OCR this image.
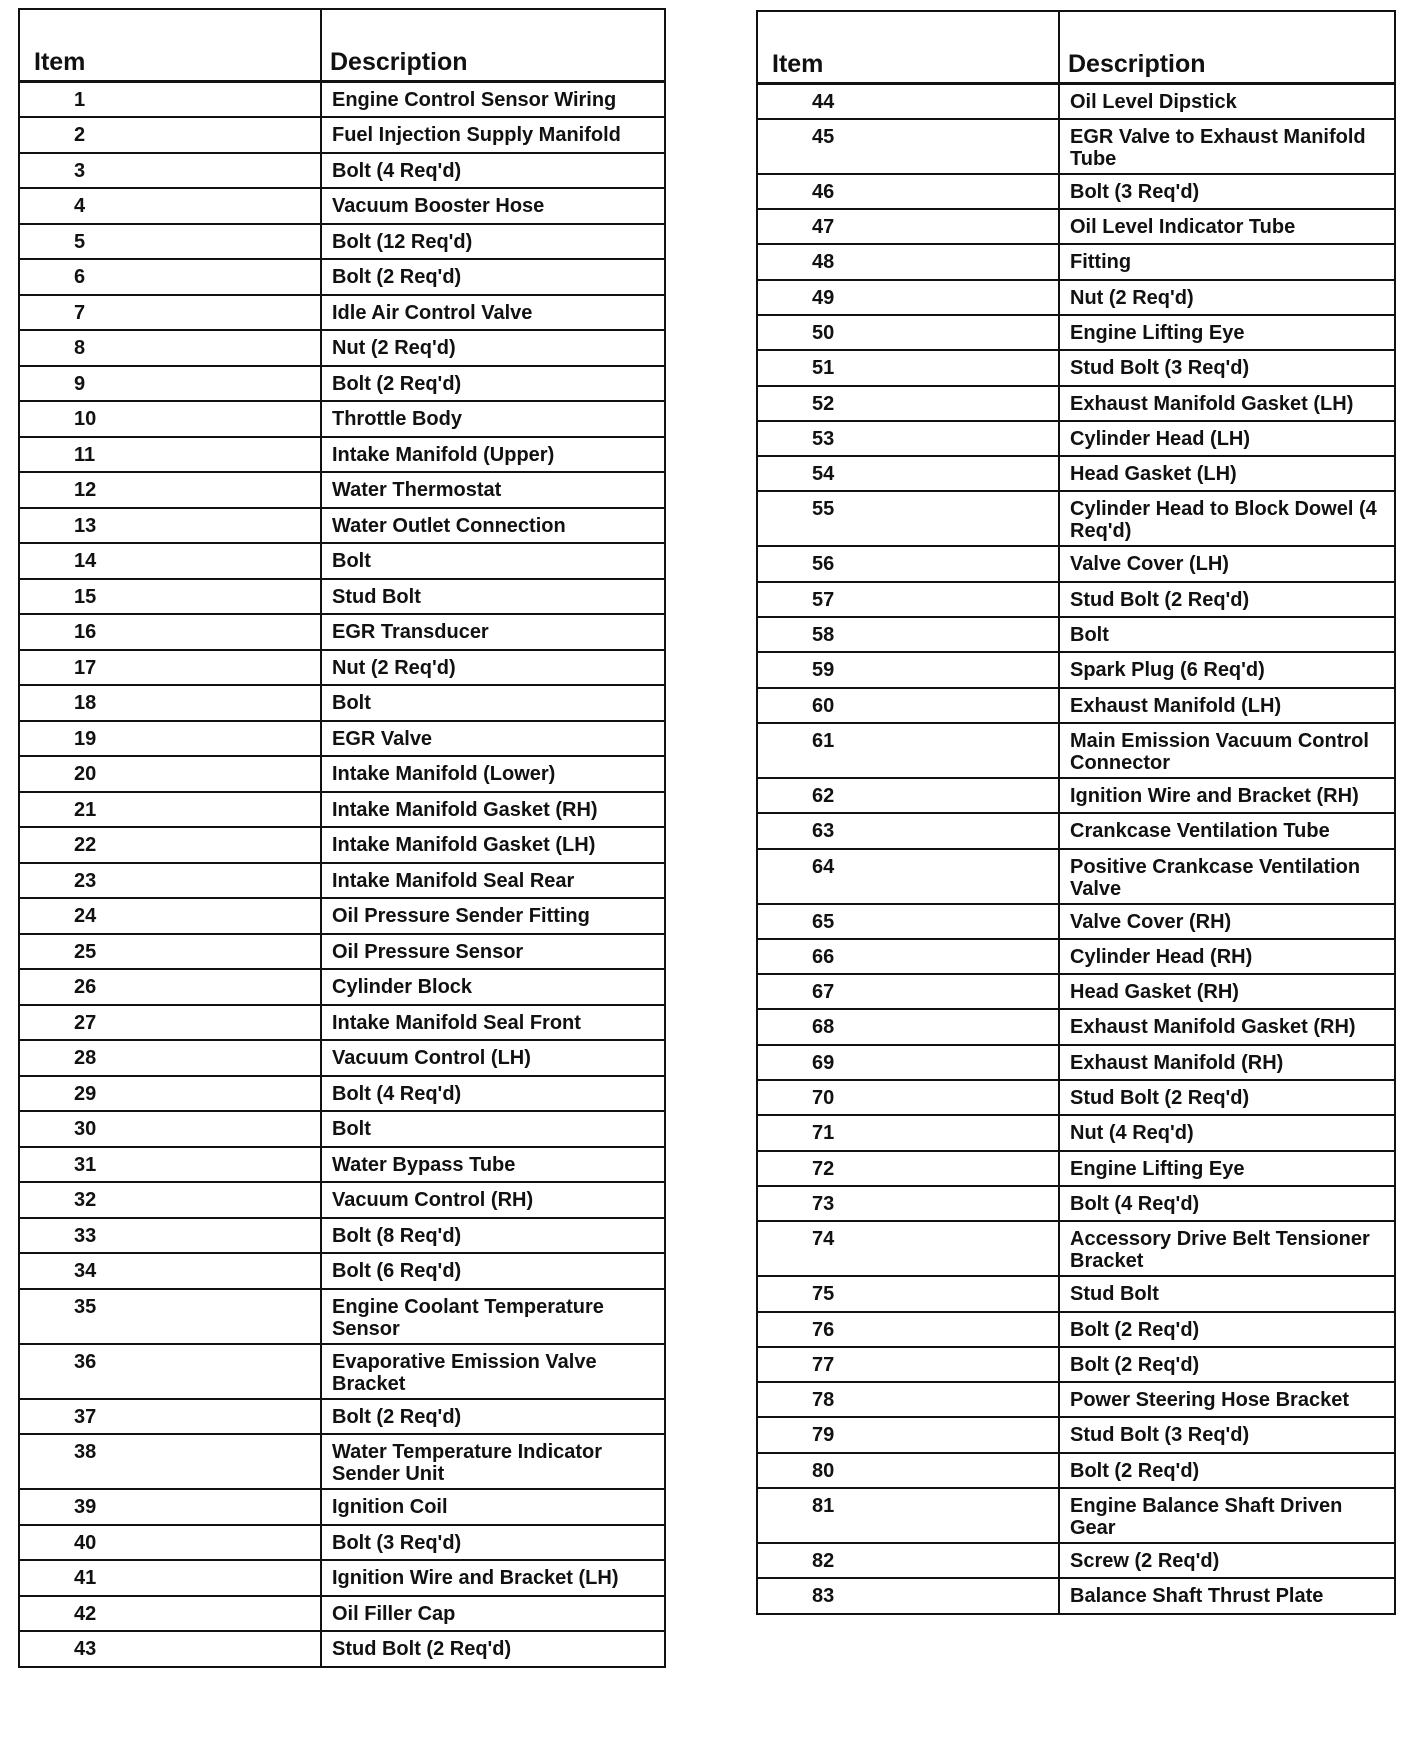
Item	Description
1	Engine Control Sensor Wiring
2	Fuel Injection Supply Manifold
3	Bolt (4 Req'd)
4	Vacuum Booster Hose
5	Bolt (12 Req'd)
6	Bolt (2 Req'd)
7	Idle Air Control Valve
8	Nut (2 Req'd)
9	Bolt (2 Req'd)
10	Throttle Body
11	Intake Manifold (Upper)
12	Water Thermostat
13	Water Outlet Connection
14	Bolt
15	Stud Bolt
16	EGR Transducer
17	Nut (2 Req'd)
18	Bolt
19	EGR Valve
20	Intake Manifold (Lower)
21	Intake Manifold Gasket (RH)
22	Intake Manifold Gasket (LH)
23	Intake Manifold Seal Rear
24	Oil Pressure Sender Fitting
25	Oil Pressure Sensor
26	Cylinder Block
27	Intake Manifold Seal Front
28	Vacuum Control (LH)
29	Bolt (4 Req'd)
30	Bolt
31	Water Bypass Tube
32	Vacuum Control (RH)
33	Bolt (8 Req'd)
34	Bolt (6 Req'd)
35	Engine Coolant Temperature Sensor
36	Evaporative Emission Valve Bracket
37	Bolt (2 Req'd)
38	Water Temperature Indicator Sender Unit
39	Ignition Coil
40	Bolt (3 Req'd)
41	Ignition Wire and Bracket (LH)
42	Oil Filler Cap
43	Stud Bolt (2 Req'd)
Item	Description
44	Oil Level Dipstick
45	EGR Valve to Exhaust Manifold Tube
46	Bolt (3 Req'd)
47	Oil Level Indicator Tube
48	Fitting
49	Nut (2 Req'd)
50	Engine Lifting Eye
51	Stud Bolt (3 Req'd)
52	Exhaust Manifold Gasket (LH)
53	Cylinder Head (LH)
54	Head Gasket (LH)
55	Cylinder Head to Block Dowel (4 Req'd)
56	Valve Cover (LH)
57	Stud Bolt (2 Req'd)
58	Bolt
59	Spark Plug (6 Req'd)
60	Exhaust Manifold (LH)
61	Main Emission Vacuum Control Connector
62	Ignition Wire and Bracket (RH)
63	Crankcase Ventilation Tube
64	Positive Crankcase Ventilation Valve
65	Valve Cover (RH)
66	Cylinder Head (RH)
67	Head Gasket (RH)
68	Exhaust Manifold Gasket (RH)
69	Exhaust Manifold (RH)
70	Stud Bolt (2 Req'd)
71	Nut (4 Req'd)
72	Engine Lifting Eye
73	Bolt (4 Req'd)
74	Accessory Drive Belt Tensioner Bracket
75	Stud Bolt
76	Bolt (2 Req'd)
77	Bolt (2 Req'd)
78	Power Steering Hose Bracket
79	Stud Bolt (3 Req'd)
80	Bolt (2 Req'd)
81	Engine Balance Shaft Driven Gear
82	Screw (2 Req'd)
83	Balance Shaft Thrust Plate
